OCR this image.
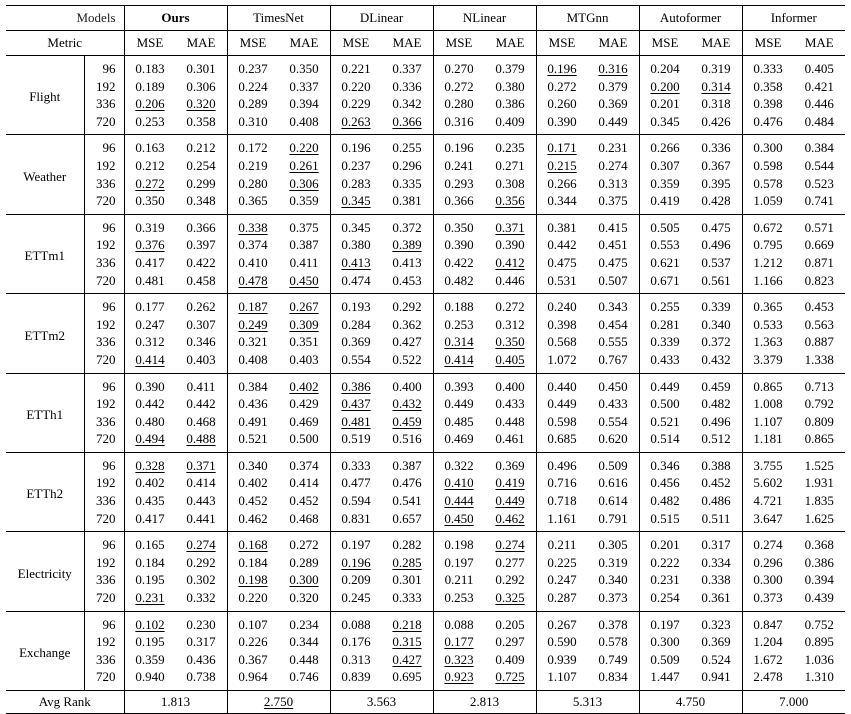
Models		Ours		TimesNet		DLinear		NLinear		MTGnn		Autoformer		Informer	
Metric		MSE	MAE	MSE	MAE	MSE	MAE	MSE	MAE	MSE	MAE	MSE	MAE	MSE	MAE
Flight	96	0.183	0.301	0.237	0.350	0.221	0.337	0.270	0.379	0.196	0.316	0.204	0.319	0.333	0.405
	192	0.189	0.306	0.224	0.337	0.220	0.336	0.272	0.380	0.272	0.379	0.200	0.314	0.358	0.421
	336	0.206	0.320	0.289	0.394	0.229	0.342	0.280	0.386	0.260	0.369	0.201	0.318	0.398	0.446
	720	0.253	0.358	0.310	0.408	0.263	0.366	0.316	0.409	0.390	0.449	0.345	0.426	0.476	0.484
Weather	96	0.163	0.212	0.172	0.220	0.196	0.255	0.196	0.235	0.171	0.231	0.266	0.336	0.300	0.384
	192	0.212	0.254	0.219	0.261	0.237	0.296	0.241	0.271	0.215	0.274	0.307	0.367	0.598	0.544
	336	0.272	0.299	0.280	0.306	0.283	0.335	0.293	0.308	0.266	0.313	0.359	0.395	0.578	0.523
	720	0.350	0.348	0.365	0.359	0.345	0.381	0.366	0.356	0.344	0.375	0.419	0.428	1.059	0.741
ETTm1	96	0.319	0.366	0.338	0.375	0.345	0.372	0.350	0.371	0.381	0.415	0.505	0.475	0.672	0.571
	192	0.376	0.397	0.374	0.387	0.380	0.389	0.390	0.390	0.442	0.451	0.553	0.496	0.795	0.669
	336	0.417	0.422	0.410	0.411	0.413	0.413	0.422	0.412	0.475	0.475	0.621	0.537	1.212	0.871
	720	0.481	0.458	0.478	0.450	0.474	0.453	0.482	0.446	0.531	0.507	0.671	0.561	1.166	0.823
ETTm2	96	0.177	0.262	0.187	0.267	0.193	0.292	0.188	0.272	0.240	0.343	0.255	0.339	0.365	0.453
	192	0.247	0.307	0.249	0.309	0.284	0.362	0.253	0.312	0.398	0.454	0.281	0.340	0.533	0.563
	336	0.312	0.346	0.321	0.351	0.369	0.427	0.314	0.350	0.568	0.555	0.339	0.372	1.363	0.887
	720	0.414	0.403	0.408	0.403	0.554	0.522	0.414	0.405	1.072	0.767	0.433	0.432	3.379	1.338
ETTh1	96	0.390	0.411	0.384	0.402	0.386	0.400	0.393	0.400	0.440	0.450	0.449	0.459	0.865	0.713
	192	0.442	0.442	0.436	0.429	0.437	0.432	0.449	0.433	0.449	0.433	0.500	0.482	1.008	0.792
	336	0.480	0.468	0.491	0.469	0.481	0.459	0.485	0.448	0.598	0.554	0.521	0.496	1.107	0.809
	720	0.494	0.488	0.521	0.500	0.519	0.516	0.469	0.461	0.685	0.620	0.514	0.512	1.181	0.865
ETTh2	96	0.328	0.371	0.340	0.374	0.333	0.387	0.322	0.369	0.496	0.509	0.346	0.388	3.755	1.525
	192	0.402	0.414	0.402	0.414	0.477	0.476	0.410	0.419	0.716	0.616	0.456	0.452	5.602	1.931
	336	0.435	0.443	0.452	0.452	0.594	0.541	0.444	0.449	0.718	0.614	0.482	0.486	4.721	1.835
	720	0.417	0.441	0.462	0.468	0.831	0.657	0.450	0.462	1.161	0.791	0.515	0.511	3.647	1.625
Electricity	96	0.165	0.274	0.168	0.272	0.197	0.282	0.198	0.274	0.211	0.305	0.201	0.317	0.274	0.368
	192	0.184	0.292	0.184	0.289	0.196	0.285	0.197	0.277	0.225	0.319	0.222	0.334	0.296	0.386
	336	0.195	0.302	0.198	0.300	0.209	0.301	0.211	0.292	0.247	0.340	0.231	0.338	0.300	0.394
	720	0.231	0.332	0.220	0.320	0.245	0.333	0.253	0.325	0.287	0.373	0.254	0.361	0.373	0.439
Exchange	96	0.102	0.230	0.107	0.234	0.088	0.218	0.088	0.205	0.267	0.378	0.197	0.323	0.847	0.752
	192	0.195	0.317	0.226	0.344	0.176	0.315	0.177	0.297	0.590	0.578	0.300	0.369	1.204	0.895
	336	0.359	0.436	0.367	0.448	0.313	0.427	0.323	0.409	0.939	0.749	0.509	0.524	1.672	1.036
	720	0.940	0.738	0.964	0.746	0.839	0.695	0.923	0.725	1.107	0.834	1.447	0.941	2.478	1.310
Avg Rank		1.813		2.750		3.563		2.813		5.313		4.750		7.000	
